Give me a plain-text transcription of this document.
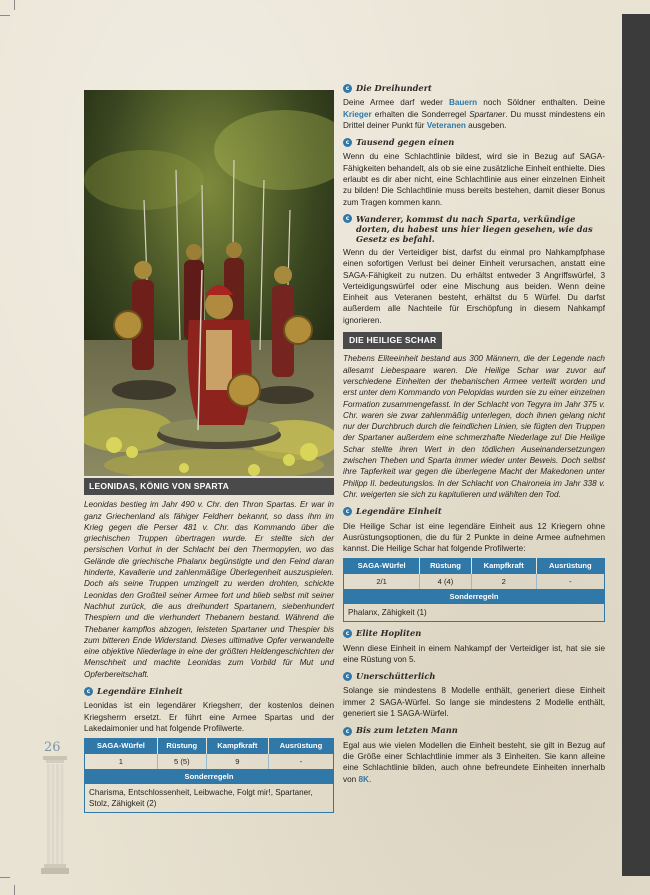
LEONIDAS, KÖNIG VON SPARTA

Leonidas bestieg im Jahr 490 v. Chr. den Thron Spartas. Er war in ganz Griechenland als fähiger Feldherr bekannt, so dass ihm im Krieg gegen die Perser 481 v. Chr. das Kommando über die griechischen Truppen übertragen wurde. Er stellte sich der persischen Vorhut in der Schlacht bei den Thermopylen, wo das Gelände die griechische Phalanx begünstigte und den Feind daran hinderte, Kavallerie und zahlenmäßige Überlegenheit auszuspielen. Doch als seine Truppen umzingelt zu werden drohten, schickte Leonidas den Großteil seiner Armee fort und blieb selbst mit seiner Nachhut zurück, die aus dreihundert Spartanern, siebenhundert Thespiern und die vierhundert Thebanern bestand. Während die Thebaner kampflos abzogen, leisteten Spartaner und Thespier bis zum bitteren Ende Widerstand. Dieses ultimative Opfer verwandelte eine objektive Niederlage in eine der größten Heldengeschichten der Menschheit und machte Leonidas zum Vorbild für Mut und Opferbereitschaft.

c Legendäre Einheit

Leonidas ist ein legendärer Kriegsherr, der kostenlos deinen Kriegsherrn ersetzt. Er führt eine Armee Spartas und der Lakedaimonier und hat folgende Profilwerte.

SAGA-Würfel	Rüstung	Kampfkraft	Ausrüstung
1	5 (5)	9	-
Sonderregeln
Charisma, Entschlossenheit, Leibwache, Folgt mir!, Spartaner, Stolz, Zähigkeit (2)
c Die Dreihundert

Deine Armee darf weder Bauern noch Söldner enthalten. Deine Krieger erhalten die Sonderregel Spartaner. Du musst mindestens ein Drittel deiner Punkt für Veteranen ausgeben.

c Tausend gegen einen

Wenn du eine Schlachtlinie bildest, wird sie in Bezug auf SAGA-Fähigkeiten behandelt, als ob sie eine zusätzliche Einheit enthielte. Dies erlaubt es dir aber nicht, eine Schlachtlinie aus einer einzelnen Einheit zu bilden! Die Schlachtlinie muss bereits bestehen, damit dieser Bonus zum Tragen kommen kann.

c Wanderer, kommst du nach Sparta, verkündige dorten, du habest uns hier liegen gesehen, wie das Gesetz es befahl.

Wenn du der Verteidiger bist, darfst du einmal pro Nahkampfphase einen sofortigen Verlust bei deiner Einheit verursachen, anstatt eine SAGA-Fähigkeit zu nutzen. Du erhältst entweder 3 Angriffswürfel, 3 Verteidigungswürfel oder eine Mischung aus beiden. Wenn deine Einheit aus Veteranen besteht, erhältst du 5 Würfel. Du darfst außerdem alle Nachteile für Erschöpfung in diesem Nahkampf ignorieren.

DIE HEILIGE SCHAR

Thebens Eliteeinheit bestand aus 300 Männern, die der Legende nach allesamt Liebespaare waren. Die Heilige Schar war zuvor auf verschiedene Einheiten der thebanischen Armee verteilt worden und erst unter dem Kommando von Pelopidas wurden sie zu einer einzelnen Formation zusammengefasst. In der Schlacht von Tegyra im Jahr 375 v. Chr. waren sie zwar zahlenmäßig unterlegen, doch ihnen gelang nicht nur der Durchbruch durch die feindlichen Linien, sie fügten den Truppen der Spartaner außerdem eine schmerzhafte Niederlage zu! Die Heilige Schar stellte ihren Wert in den tödlichen Auseinandersetzungen zwischen Theben und Sparta immer wieder unter Beweis. Doch selbst ihre Tapferkeit war gegen die überlegene Macht der Makedonen unter Philipp II. bedeutungslos. In der Schlacht von Chaironeia im Jahr 338 v. Chr. weigerten sie sich zu kapitulieren und wählten den Tod.

c Legendäre Einheit

Die Heilige Schar ist eine legendäre Einheit aus 12 Kriegern ohne Ausrüstungsoptionen, die du für 2 Punkte in deine Armee aufnehmen kannst. Die Heilige Schar hat folgende Profilwerte:

SAGA-Würfel	Rüstung	Kampfkraft	Ausrüstung
2/1	4 (4)	2	-
Sonderregeln
Phalanx, Zähigkeit (1)
c Elite Hopliten

Wenn diese Einheit in einem Nahkampf der Verteidiger ist, hat sie sie eine Rüstung von 5.

c Unerschütterlich

Solange sie mindestens 8 Modelle enthält, generiert diese Einheit immer 2 SAGA-Würfel. So lange sie mindestens 2 Modelle enthält, generiert sie 1 SAGA-Würfel.

c Bis zum letzten Mann

Egal aus wie vielen Modellen die Einheit besteht, sie gilt in Bezug auf die Größe einer Schlachtlinie immer als 3 Einheiten. Sie kann alleine eine Schlachtlinie bilden, auch ohne befreundete Einheiten innerhalb von 8K.

26
